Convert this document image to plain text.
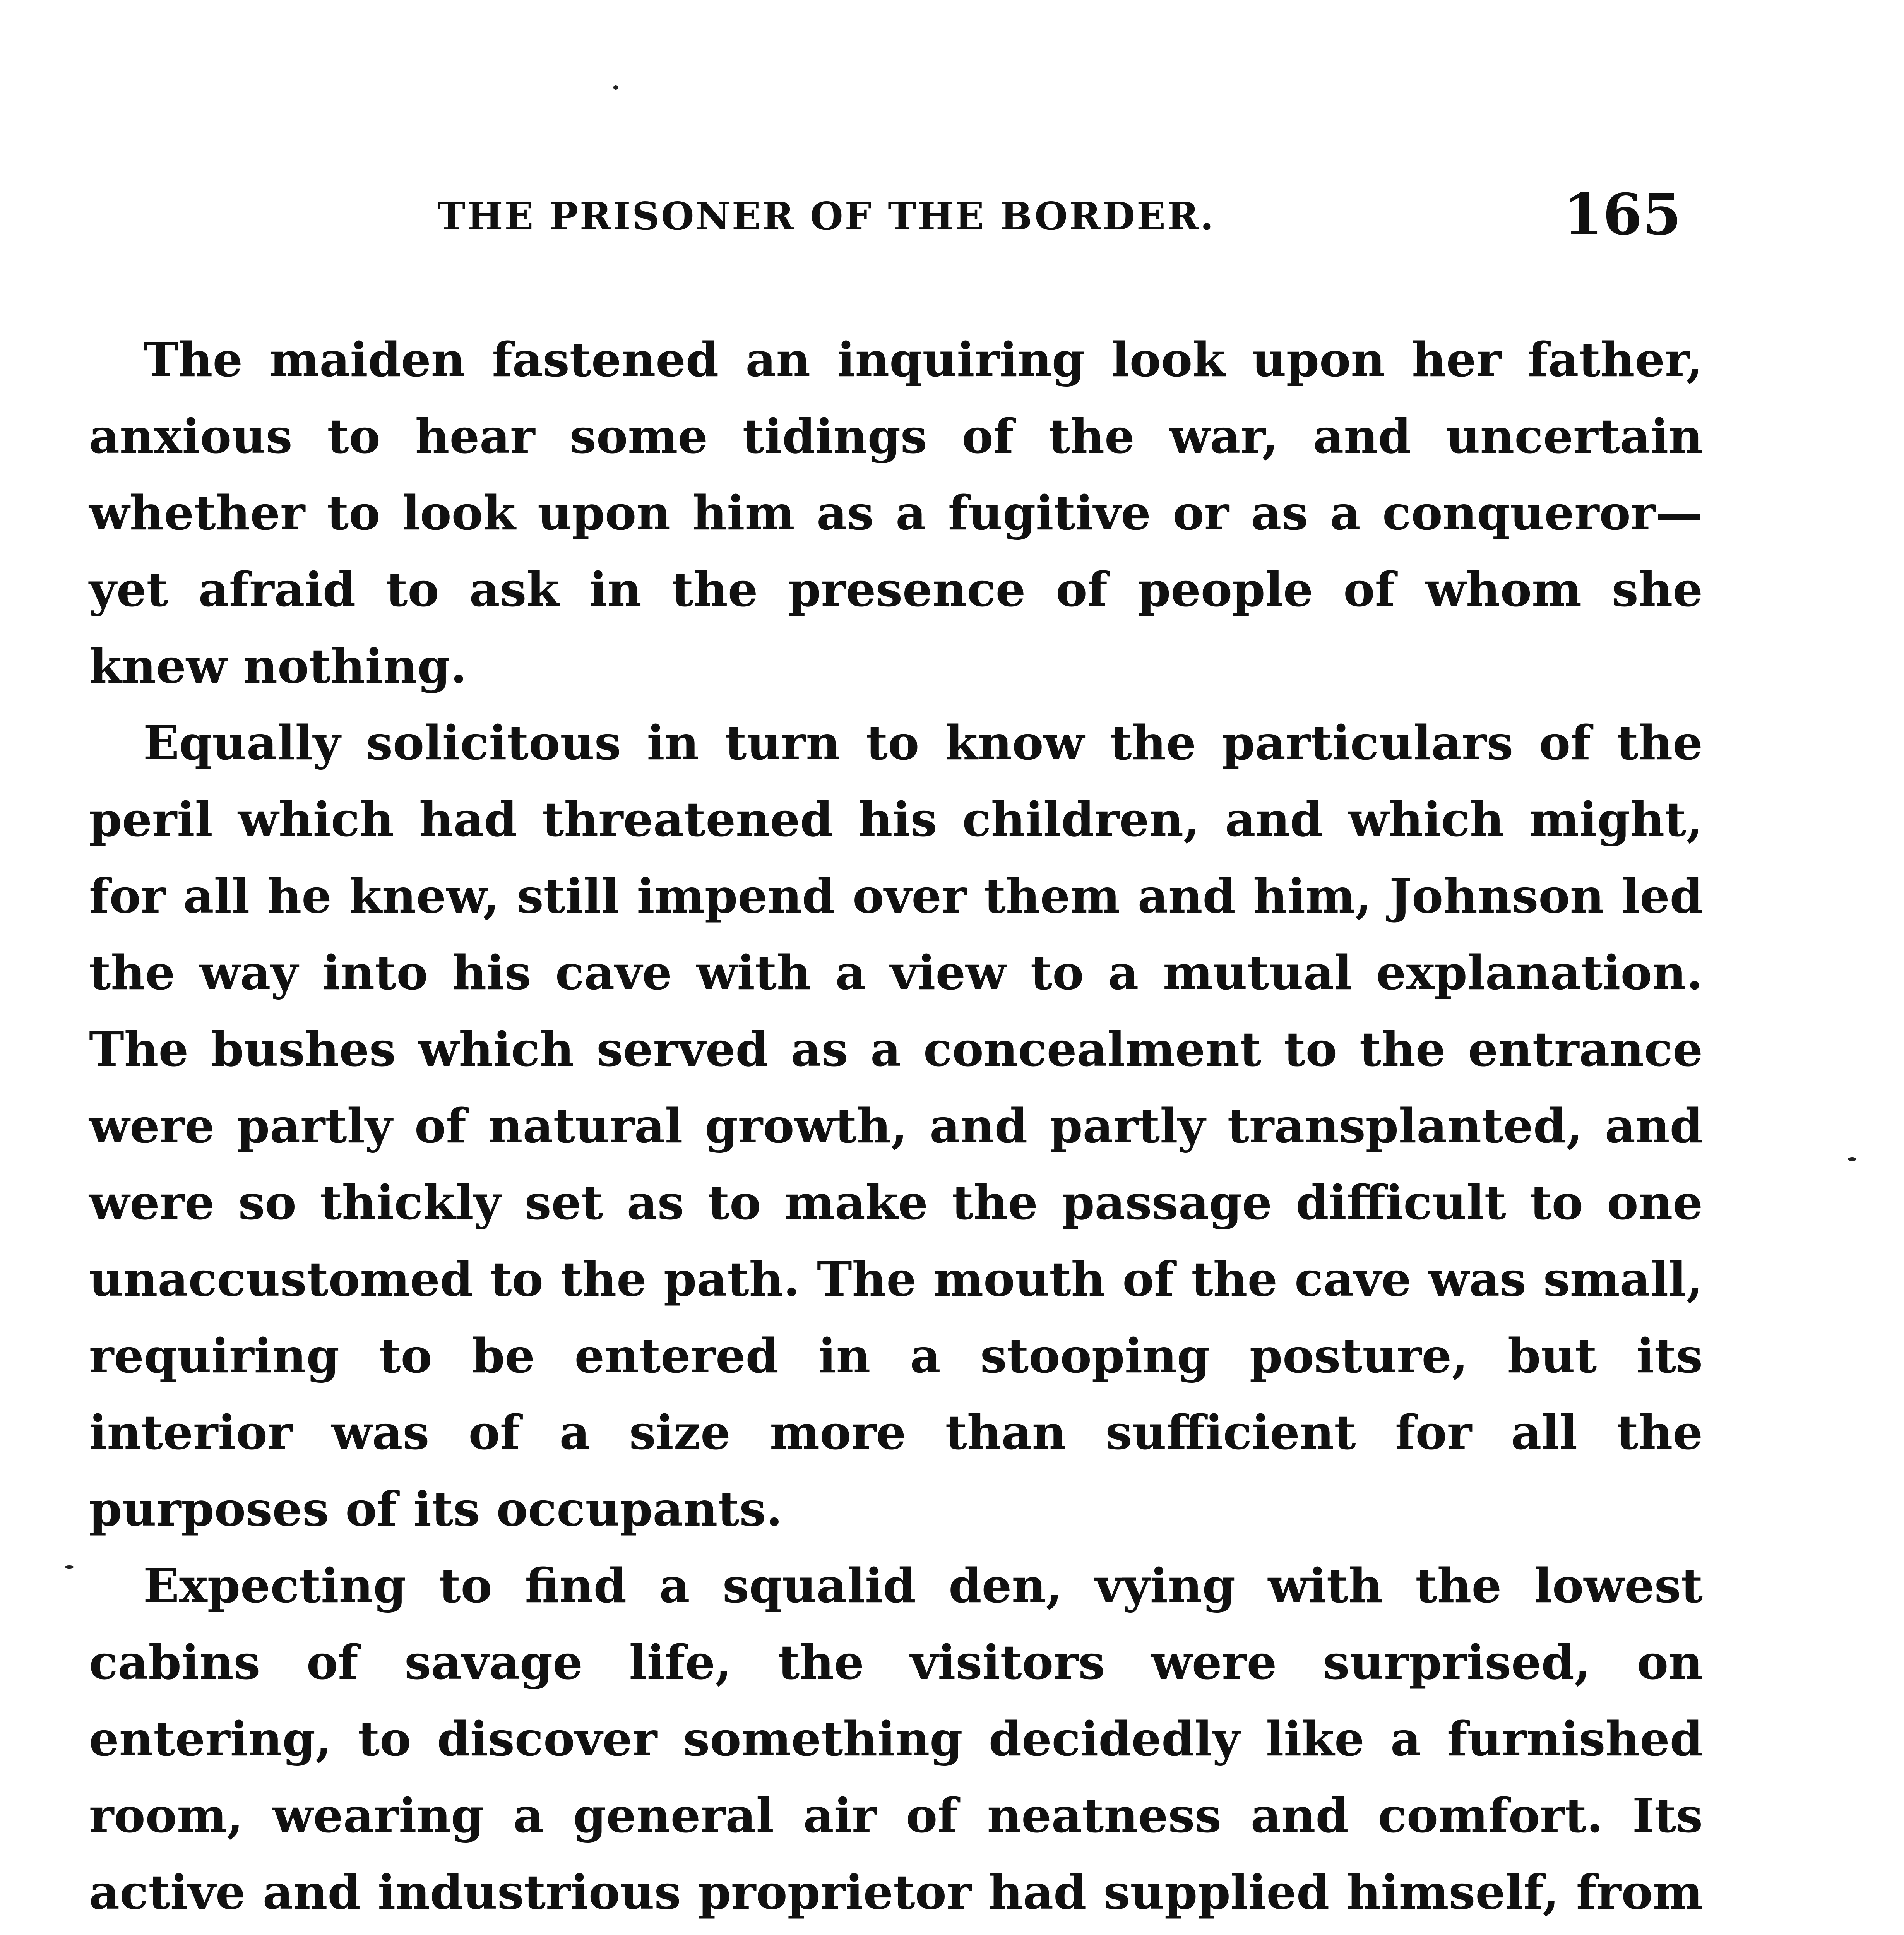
THE PRISONER OF THE BORDER.	165

The maiden fastened an inquiring look upon her father, anxious to hear some tidings of the war, and uncertain whether to look upon him as a fugitive or as a conqueror—yet afraid to ask in the presence of people of whom she knew nothing.

Equally solicitous in turn to know the particulars of the peril which had threatened his children, and which might, for all he knew, still impend over them and him, Johnson led the way into his cave with a view to a mutual explanation. The bushes which served as a concealment to the entrance were partly of natural growth, and partly transplanted, and were so thickly set as to make the passage difficult to one unaccustomed to the path. The mouth of the cave was small, requiring to be entered in a stooping posture, but its interior was of a size more than sufficient for all the purposes of its occupants.

Expecting to find a squalid den, vying with the lowest cabins of savage life, the visitors were surprised, on entering, to discover something decidedly like a furnished room, wearing a general air of neatness and comfort. Its active and industrious proprietor had supplied himself, from
